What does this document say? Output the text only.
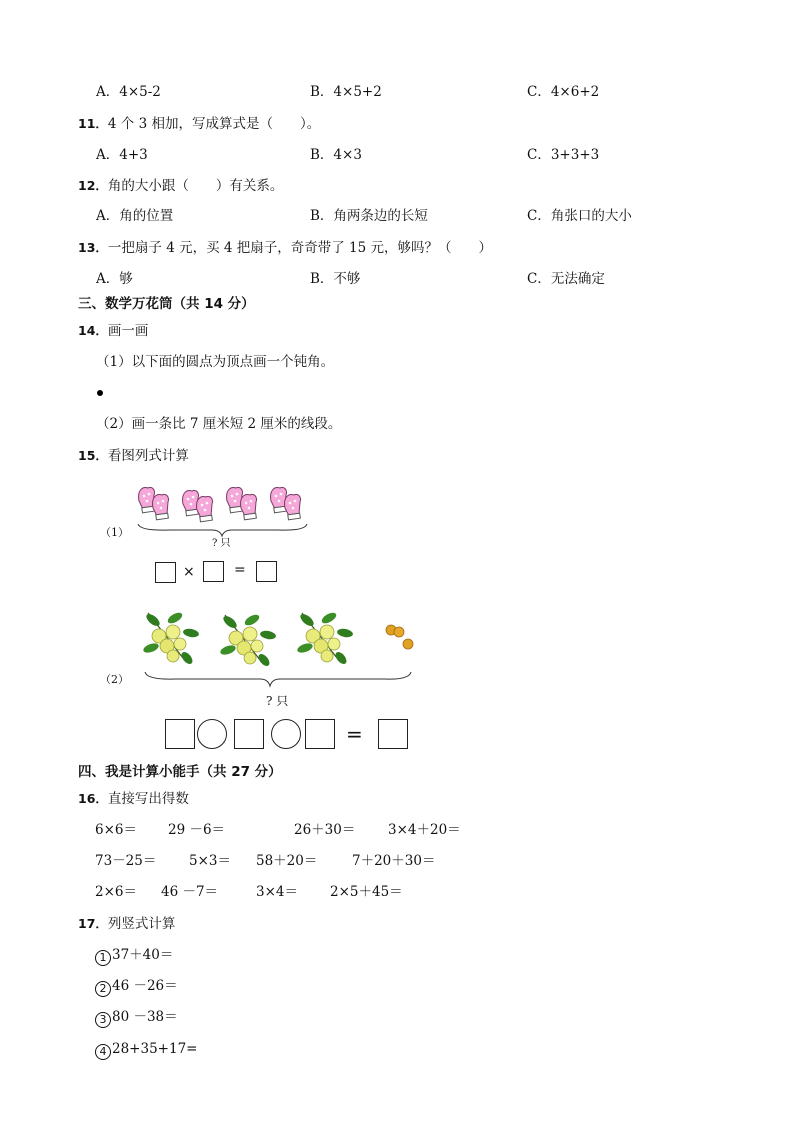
A．4×5-2	B．4×5+2	C．4×6+2
11．4 个 3 相加，写成算式是（　　）。
A．4+3	B．4×3	C．3+3+3
12．角的大小跟（　　）有关系。
A．角的位置	B．角两条边的长短	C．角张口的大小
13．一把扇子 4 元，买 4 把扇子，奇奇带了 15 元，够吗？（　　）
A．够	B．不够	C．无法确定
三、数学万花筒（共 14 分）
14．画一画
（1）以下面的圆点为顶点画一个钝角。
（2）画一条比 7 厘米短 2 厘米的线段。
15．看图列式计算
（1）
? 只
×	=
（2）
? 只
=
四、我是计算小能手（共 27 分）
16．直接写出得数
6×6＝ 29 －6＝	26＋30＝ 3×4＋20＝
73－25＝ 5×3＝ 58＋20＝	7＋20＋30＝
2×6＝ 46 －7＝	3×4＝ 2×5＋45＝
17．列竖式计算
1 37＋40＝
2 46 －26＝
3 80 －38＝
4 28+35+17=
